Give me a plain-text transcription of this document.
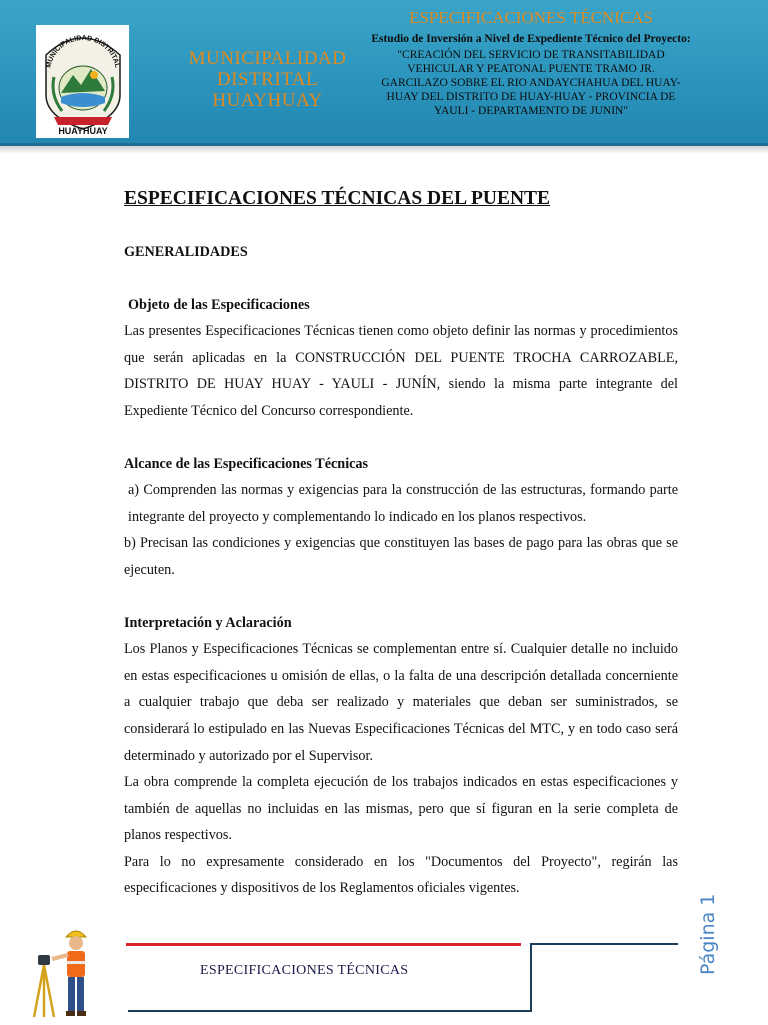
MUNICIPALIDAD DISTRITAL
HUAYHUAY
MUNICIPALIDAD DISTRITAL HUAYHUAY
ESPECIFICACIONES TÉCNICAS
Estudio de Inversión a Nivel de Expediente Técnico del Proyecto:
"CREACIÓN DEL SERVICIO DE TRANSITABILIDAD VEHICULAR Y PEATONAL PUENTE TRAMO JR. GARCILAZO SOBRE EL RIO ANDAYCHAHUA DEL HUAY-HUAY DEL DISTRITO DE HUAY-HUAY - PROVINCIA DE YAULI - DEPARTAMENTO DE JUNIN"
ESPECIFICACIONES TÉCNICAS DEL PUENTE

GENERALIDADES

Objeto de las Especificaciones

Las presentes Especificaciones Técnicas tienen como objeto definir las normas y procedimientos que serán aplicadas en la CONSTRUCCIÓN DEL PUENTE TROCHA CARROZABLE, DISTRITO DE HUAY HUAY - YAULI - JUNÍN, siendo la misma parte integrante del Expediente Técnico del Concurso correspondiente.

Alcance de las Especificaciones Técnicas

a) Comprenden las normas y exigencias para la construcción de las estructuras, formando parte integrante del proyecto y complementando lo indicado en los planos respectivos.

b) Precisan las condiciones y exigencias que constituyen las bases de pago para las obras que se ejecuten.

Interpretación y Aclaración

Los Planos y Especificaciones Técnicas se complementan entre sí. Cualquier detalle no incluido en estas especificaciones u omisión de ellas, o la falta de una descripción detallada concerniente a cualquier trabajo que deba ser realizado y materiales que deban ser suministrados, se considerará lo estipulado en las Nuevas Especificaciones Técnicas del MTC, y en todo caso será determinado y autorizado por el Supervisor.

La obra comprende la completa ejecución de los trabajos indicados en estas especificaciones y también de aquellas no incluidas en las mismas, pero que sí figuran en la serie completa de planos respectivos.

Para lo no expresamente considerado en los "Documentos del Proyecto", regirán las especificaciones y dispositivos de los Reglamentos oficiales vigentes.

ESPECIFICACIONES TÉCNICAS	Página 1
